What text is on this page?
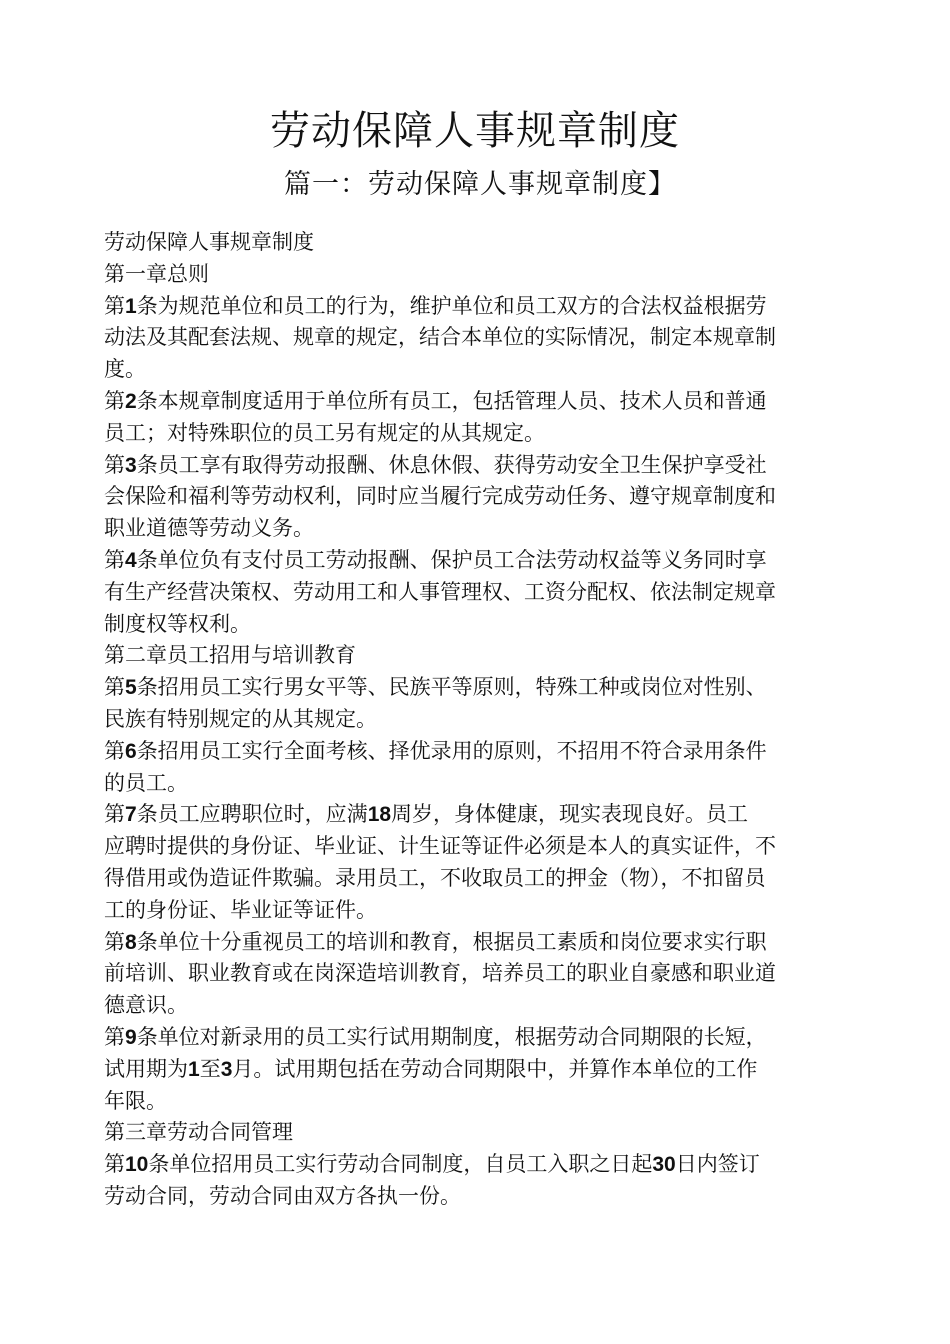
劳动保障人事规章制度
篇一：劳动保障人事规章制度】

劳动保障人事规章制度

第一章总则

第1条为规范单位和员工的行为，维护单位和员工双方的合法权益根据劳

动法及其配套法规、规章的规定，结合本单位的实际情况，制定本规章制

度。

第2条本规章制度适用于单位所有员工，包括管理人员、技术人员和普通

员工；对特殊职位的员工另有规定的从其规定。

第3条员工享有取得劳动报酬、休息休假、获得劳动安全卫生保护享受社

会保险和福利等劳动权利，同时应当履行完成劳动任务、遵守规章制度和

职业道德等劳动义务。

第4条单位负有支付员工劳动报酬、保护员工合法劳动权益等义务同时享

有生产经营决策权、劳动用工和人事管理权、工资分配权、依法制定规章

制度权等权利。

第二章员工招用与培训教育

第5条招用员工实行男女平等、民族平等原则，特殊工种或岗位对性别、

民族有特别规定的从其规定。

第6条招用员工实行全面考核、择优录用的原则，不招用不符合录用条件

的员工。

第7条员工应聘职位时，应满18周岁，身体健康，现实表现良好。员工

应聘时提供的身份证、毕业证、计生证等证件必须是本人的真实证件，不

得借用或伪造证件欺骗。录用员工，不收取员工的押金（物），不扣留员

工的身份证、毕业证等证件。

第8条单位十分重视员工的培训和教育，根据员工素质和岗位要求实行职

前培训、职业教育或在岗深造培训教育，培养员工的职业自豪感和职业道

德意识。

第9条单位对新录用的员工实行试用期制度，根据劳动合同期限的长短，

试用期为1至3月。试用期包括在劳动合同期限中，并算作本单位的工作

年限。

第三章劳动合同管理

第10条单位招用员工实行劳动合同制度，自员工入职之日起30日内签订

劳动合同，劳动合同由双方各执一份。
